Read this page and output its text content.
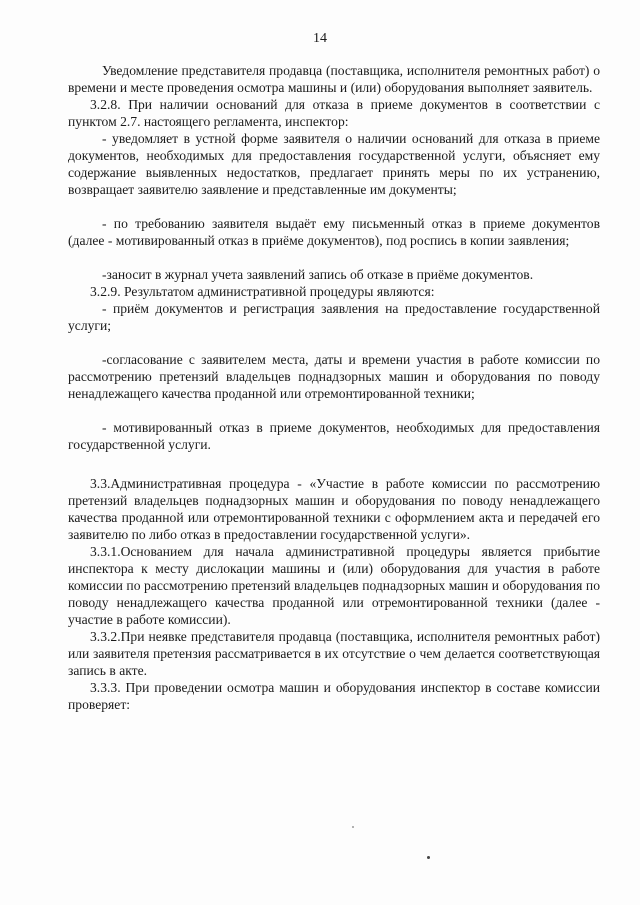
14

Уведомление представителя продавца (поставщика, исполнителя ремонтных работ) о времени и месте проведения осмотра машины и (или) оборудования выполняет заявитель.

3.2.8. При наличии оснований для отказа в приеме документов в соответствии с пунктом 2.7. настоящего регламента, инспектор:

- уведомляет в устной форме заявителя о наличии оснований для отказа в приеме документов, необходимых для предоставления государственной услуги, объясняет ему содержание выявленных недостатков, предлагает принять меры по их устранению, возвращает заявителю заявление и представленные им документы;

- по требованию заявителя выдаёт ему письменный отказ в приеме документов (далее - мотивированный отказ в приёме документов), под роспись в копии заявления;

-заносит в журнал учета заявлений запись об отказе в приёме документов.

3.2.9. Результатом административной процедуры являются:

- приём документов и регистрация заявления на предоставление государственной услуги;

-согласование с заявителем места, даты и времени участия в работе комиссии по рассмотрению претензий владельцев поднадзорных машин и оборудования по поводу ненадлежащего качества проданной или отремонтированной техники;

- мотивированный отказ в приеме документов, необходимых для предоставления государственной услуги.

3.3.Административная процедура - «Участие в работе комиссии по рассмотрению претензий владельцев поднадзорных машин и оборудования по поводу ненадлежащего качества проданной или отремонтированной техники с оформлением акта и передачей его заявителю по либо отказ в предоставлении государственной услуги».

3.3.1.Основанием для начала административной процедуры является прибытие инспектора к месту дислокации машины и (или) оборудования для участия в работе комиссии по рассмотрению претензий владельцев поднадзорных машин и оборудования по поводу ненадлежащего качества проданной или отремонтированной техники (далее - участие в работе комиссии).

3.3.2.При неявке представителя продавца (поставщика, исполнителя ремонтных работ) или заявителя претензия рассматривается в их отсутствие о чем делается соответствующая запись в акте.

3.3.3. При проведении осмотра машин и оборудования инспектор в составе комиссии проверяет:
